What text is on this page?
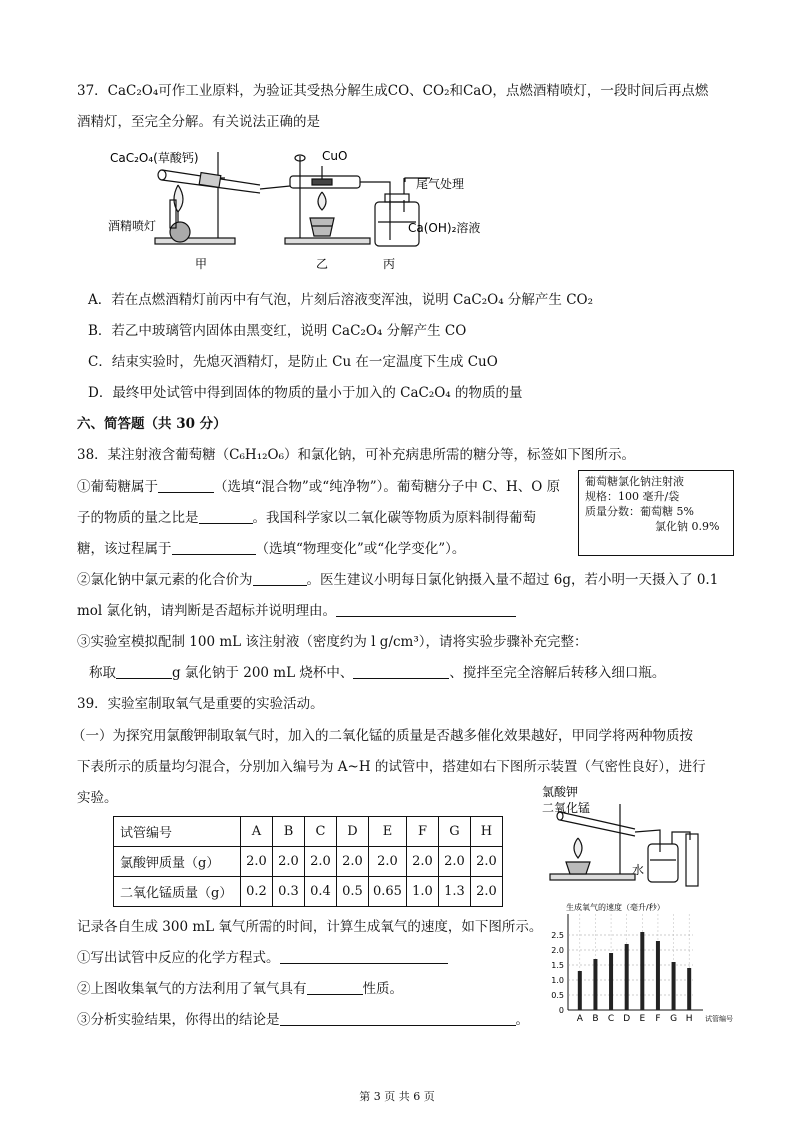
37．CaC₂O₄可作工业原料，为验证其受热分解生成CO、CO₂和CaO，点燃酒精喷灯，一段时间后再点燃
酒精灯，至完全分解。有关说法正确的是
CaC₂O₄(草酸钙)
酒精喷灯
CuO
尾气处理
Ca(OH)₂溶液
甲	乙	丙
A．若在点燃酒精灯前丙中有气泡，片刻后溶液变浑浊，说明 CaC₂O₄ 分解产生 CO₂
B．若乙中玻璃管内固体由黑变红，说明 CaC₂O₄ 分解产生 CO
C．结束实验时，先熄灭酒精灯，是防止 Cu 在一定温度下生成 CuO
D．最终甲处试管中得到固体的物质的量小于加入的 CaC₂O₄ 的物质的量
六、简答题（共 30 分）
38．某注射液含葡萄糖（C₆H₁₂O₆）和氯化钠，可补充病患所需的糖分等，标签如下图所示。
葡萄糖氯化钠注射液
规格：100 毫升/袋
质量分数：葡萄糖 5%
氯化钠 0.9%
①葡萄糖属于	（选填“混合物”或“纯净物”）。葡萄糖分子中 C、H、O 原
子的物质的量之比是	。我国科学家以二氧化碳等物质为原料制得葡萄
糖，该过程属于	（选填“物理变化”或“化学变化”）。
②氯化钠中氯元素的化合价为	。医生建议小明每日氯化钠摄入量不超过 6g，若小明一天摄入了 0.1
mol 氯化钠，请判断是否超标并说明理由。
③实验室模拟配制 100 mL 该注射液（密度约为 l g/cm³），请将实验步骤补充完整：
称取	g 氯化钠于 200 mL 烧杯中、	、搅拌至完全溶解后转移入细口瓶。
39．实验室制取氧气是重要的实验活动。
（一）为探究用氯酸钾制取氧气时，加入的二氧化锰的质量是否越多催化效果越好，甲同学将两种物质按
下表所示的质量均匀混合，分别加入编号为 A~H 的试管中，搭建如右下图所示装置（气密性良好），进行
实验。	氯酸钾
二氧化锰
水
试管编号	A	B	C	D	E	F	G	H
氯酸钾质量（g）	2.0	2.0	2.0	2.0	2.0	2.0	2.0	2.0
二氧化锰质量（g）	0.2	0.3	0.4	0.5	0.65	1.0	1.3	2.0
记录各自生成 300 mL 氧气所需的时间，计算生成氧气的速度，如下图所示。
①写出试管中反应的化学方程式。
②上图收集氧气的方法利用了氧气具有	性质。
③分析实验结果，你得出的结论是	。
生成氧气的速度（毫升/秒）
0
0.5
1.0
1.5
2.0
2.5
A B C D E F G H 试管编号
第 3 页 共 6 页
